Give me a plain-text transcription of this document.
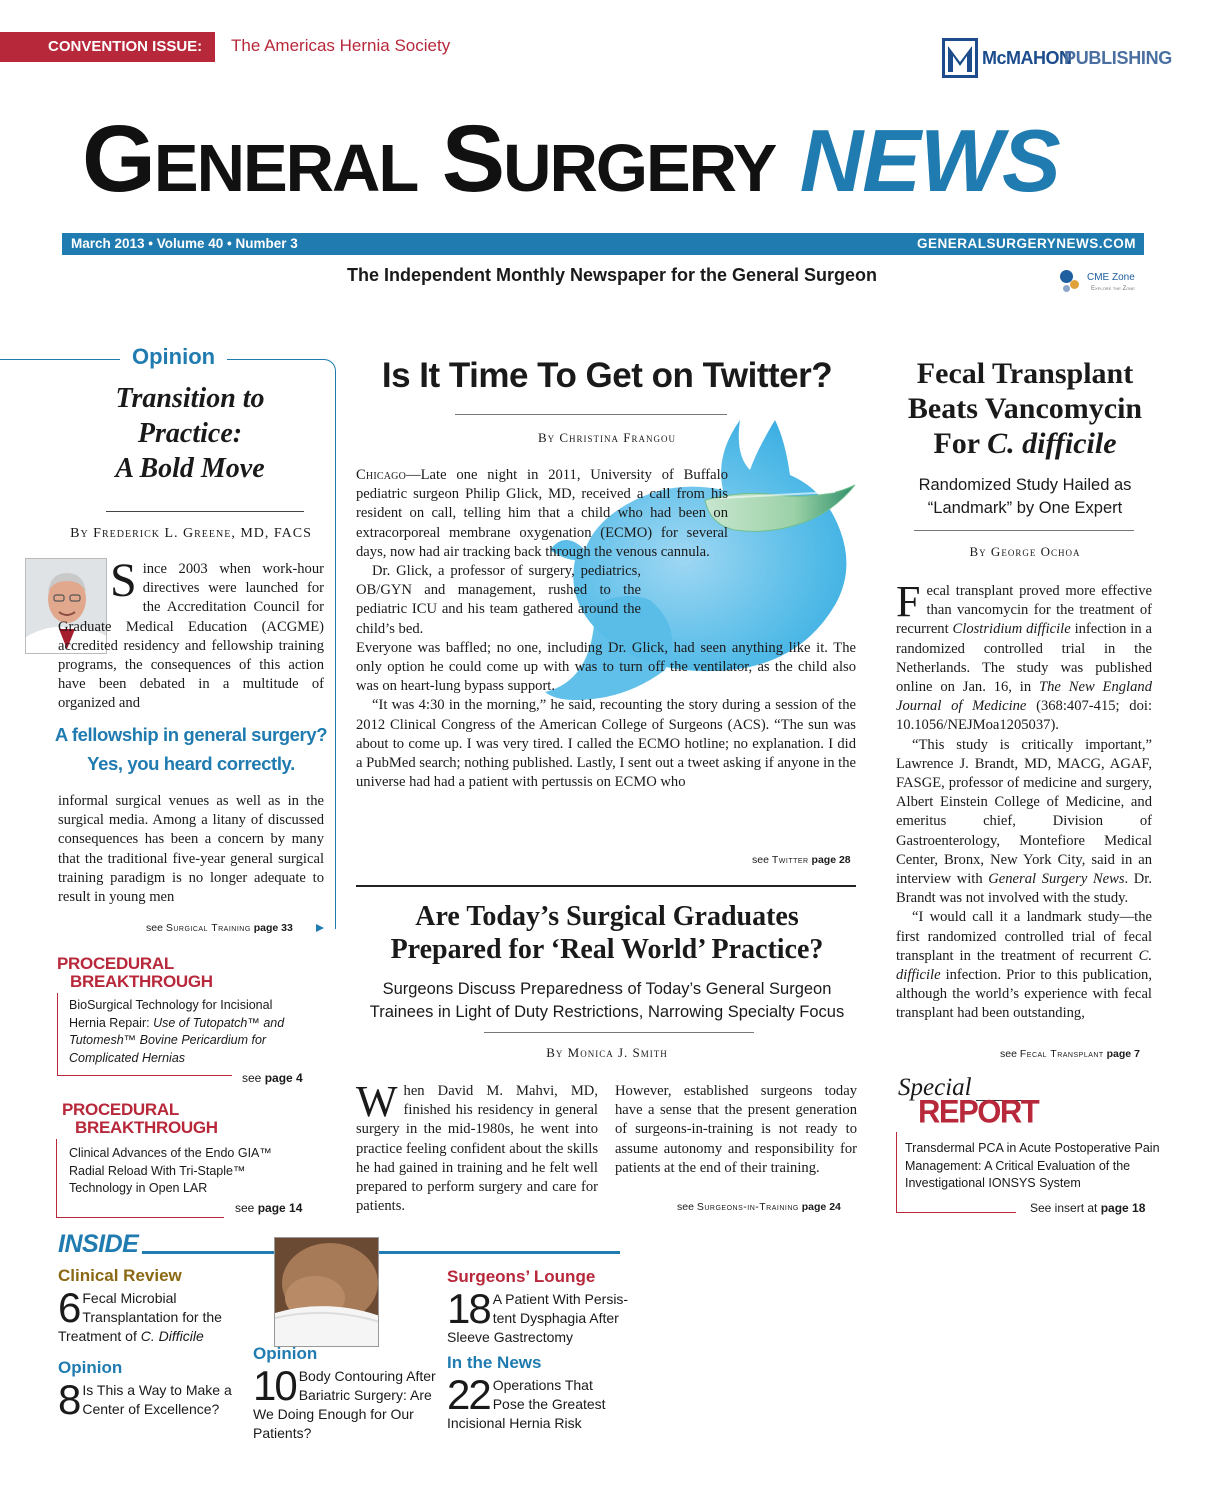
CONVENTION ISSUE:	The Americas Hernia Society
McMAHON
PUBLISHING
General Surgery NEWS
March 2013 • Volume 40 • Number 3	GENERALSURGERYNEWS.COM
The Independent Monthly Newspaper for the General Surgeon	CME Zone
Explore the Zone
Opinion
Transition to
Practice:
A Bold Move
By Frederick L. Greene, MD, FACS
S ince 2003 when work-hour directives were launched for the Accreditation Council for Graduate Medical Education (ACGME) accredited residency and fellowship training programs, the consequences of this action have been debated in a multitude of organized and
A fellowship in general surgery?
Yes, you heard correctly.
informal surgical venues as well as in the surgical media. Among a litany of discussed consequences has been a concern by many that the traditional five-year general surgical training paradigm is no longer adequate to result in young men
see Surgical Training page 33
PROCEDURAL
BREAKTHROUGH
BioSurgical Technology for Incisional
Hernia Repair: Use of Tutopatch™ and
Tutomesh™ Bovine Pericardium for
Complicated Hernias
see page 4
PROCEDURAL
BREAKTHROUGH
Clinical Advances of the Endo GIA™
Radial Reload With Tri-Staple™
Technology in Open LAR
see page 14
Is It Time To Get on Twitter?
By Christina Frangou
Chicago—Late one night in 2011, University of Buffalo pediatric surgeon Philip Glick, MD, received a call from his resident on call, telling him that a child who had been on extracorporeal membrane oxygenation (ECMO) for several days, now had air tracking back through the venous cannula.
Dr. Glick, a professor of surgery, pediatrics, OB/GYN and management, rushed to the pediatric ICU and his team gathered around the child’s bed.
Everyone was baffled; no one, including Dr. Glick, had seen anything like it. The only option he could come up with was to turn off the ventilator, as the child also was on heart-lung bypass support.
“It was 4:30 in the morning,” he said, recounting the story during a session of the 2012 Clinical Congress of the American College of Surgeons (ACS). “The sun was about to come up. I was very tired. I called the ECMO hotline; no explanation. I did a PubMed search; nothing published. Lastly, I sent out a tweet asking if anyone in the universe had had a patient with pertussis on ECMO who
see Twitter page 28
Are Today’s Surgical Graduates
Prepared for ‘Real World’ Practice?
Surgeons Discuss Preparedness of Today’s General Surgeon
Trainees in Light of Duty Restrictions, Narrowing Specialty Focus
By Monica J. Smith
When David M. Mahvi, MD, finished his residency in general surgery in the mid-1980s, he went into practice feeling confident about the skills he had gained in training and he felt well prepared to perform surgery and care for patients.
However, established surgeons today have a sense that the present generation of surgeons-in-training is not ready to assume autonomy and responsibility for patients at the end of their training.
see Surgeons-in-Training page 24
Fecal Transplant
Beats Vancomycin
For C. difficile
Randomized Study Hailed as
“Landmark” by One Expert
By George Ochoa
Fecal transplant proved more effective than vancomycin for the treatment of recurrent Clostridium difficile infection in a randomized controlled trial in the Netherlands. The study was published online on Jan. 16, in The New England Journal of Medicine (368:407-415; doi: 10.1056/NEJMoa1205037).
“This study is critically important,” Lawrence J. Brandt, MD, MACG, AGAF, FASGE, professor of medicine and surgery, Albert Einstein College of Medicine, and emeritus chief, Division of Gastroenterology, Montefiore Medical Center, Bronx, New York City, said in an interview with General Surgery News. Dr. Brandt was not involved with the study.
“I would call it a landmark study—the first randomized controlled trial of fecal transplant in the treatment of recurrent C. difficile infection. Prior to this publication, although the world’s experience with fecal transplant had been outstanding,
see Fecal Transplant page 7
Special
REPORT
Transdermal PCA in Acute Postoperative Pain
Management: A Critical Evaluation of the
Investigational IONSYS System
See insert at page 18
INSIDE
Clinical Review
6 Fecal Microbial
Transplantation for the
Treatment of C. Difficile
Opinion
8 Is This a Way to Make a
Center of Excellence?
Opinion
10 Body Contouring After
Bariatric Surgery: Are
We Doing Enough for Our
Patients?
Surgeons’ Lounge
18 A Patient With Persis-
tent Dysphagia After
Sleeve Gastrectomy
In the News
22 Operations That
Pose the Greatest
Incisional Hernia Risk
